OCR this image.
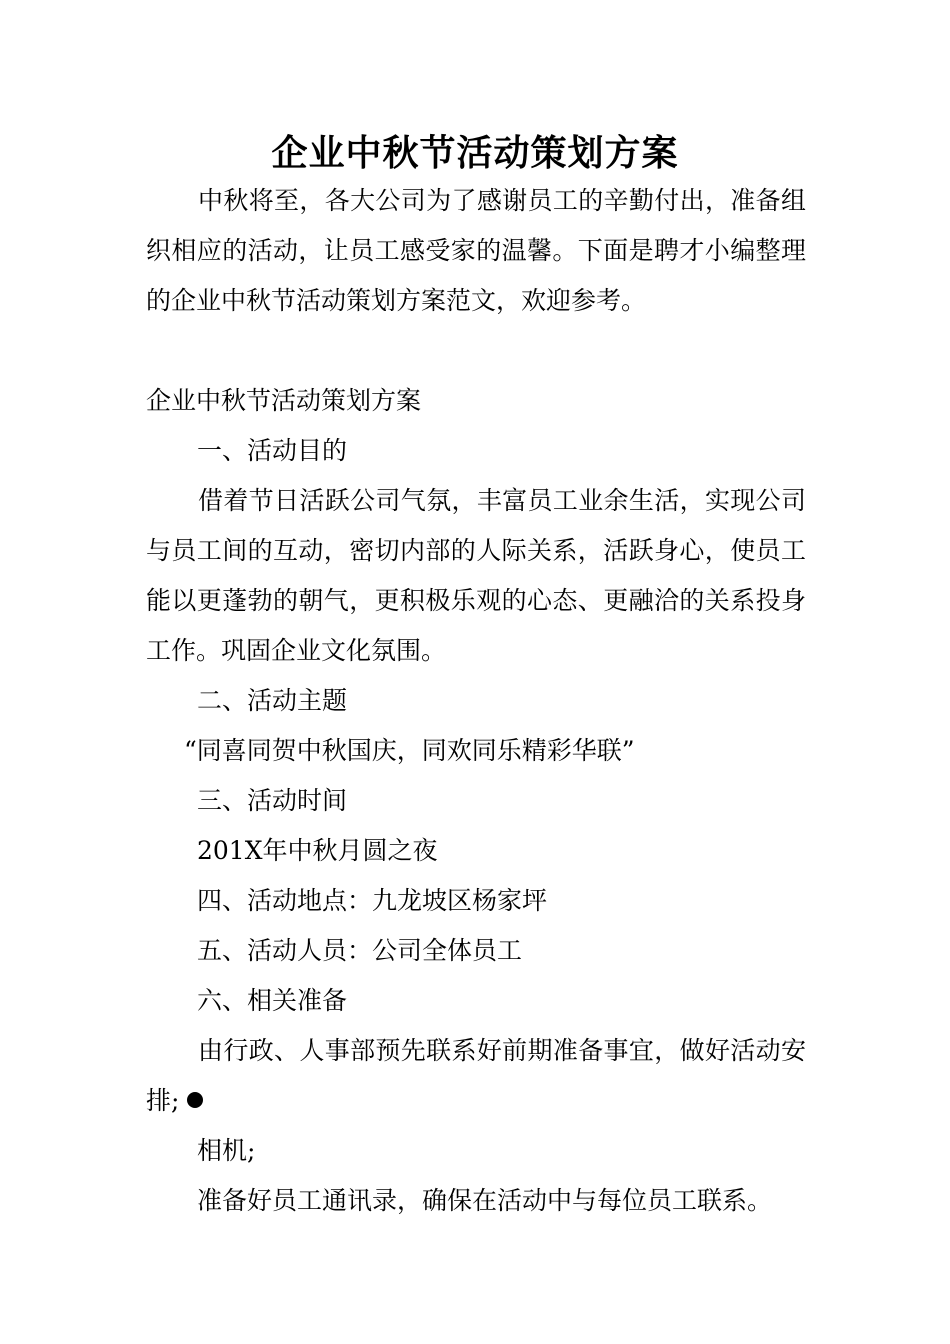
企业中秋节活动策划方案
中秋将至，各大公司为了感谢员工的辛勤付出，准备组织相应的活动，让员工感受家的温馨。下面是聘才小编整理的企业中秋节活动策划方案范文，欢迎参考。
企业中秋节活动策划方案
一、活动目的
借着节日活跃公司气氛，丰富员工业余生活，实现公司与员工间的互动，密切内部的人际关系，活跃身心，使员工能以更蓬勃的朝气，更积极乐观的心态、更融洽的关系投身工作。巩固企业文化氛围。
二、活动主题
“同喜同贺中秋国庆，同欢同乐精彩华联”
三、活动时间
201X年中秋月圆之夜
四、活动地点：九龙坡区杨家坪
五、活动人员：公司全体员工
六、相关准备
由行政、人事部预先联系好前期准备事宜，做好活动安排;
相机;
准备好员工通讯录，确保在活动中与每位员工联系。
